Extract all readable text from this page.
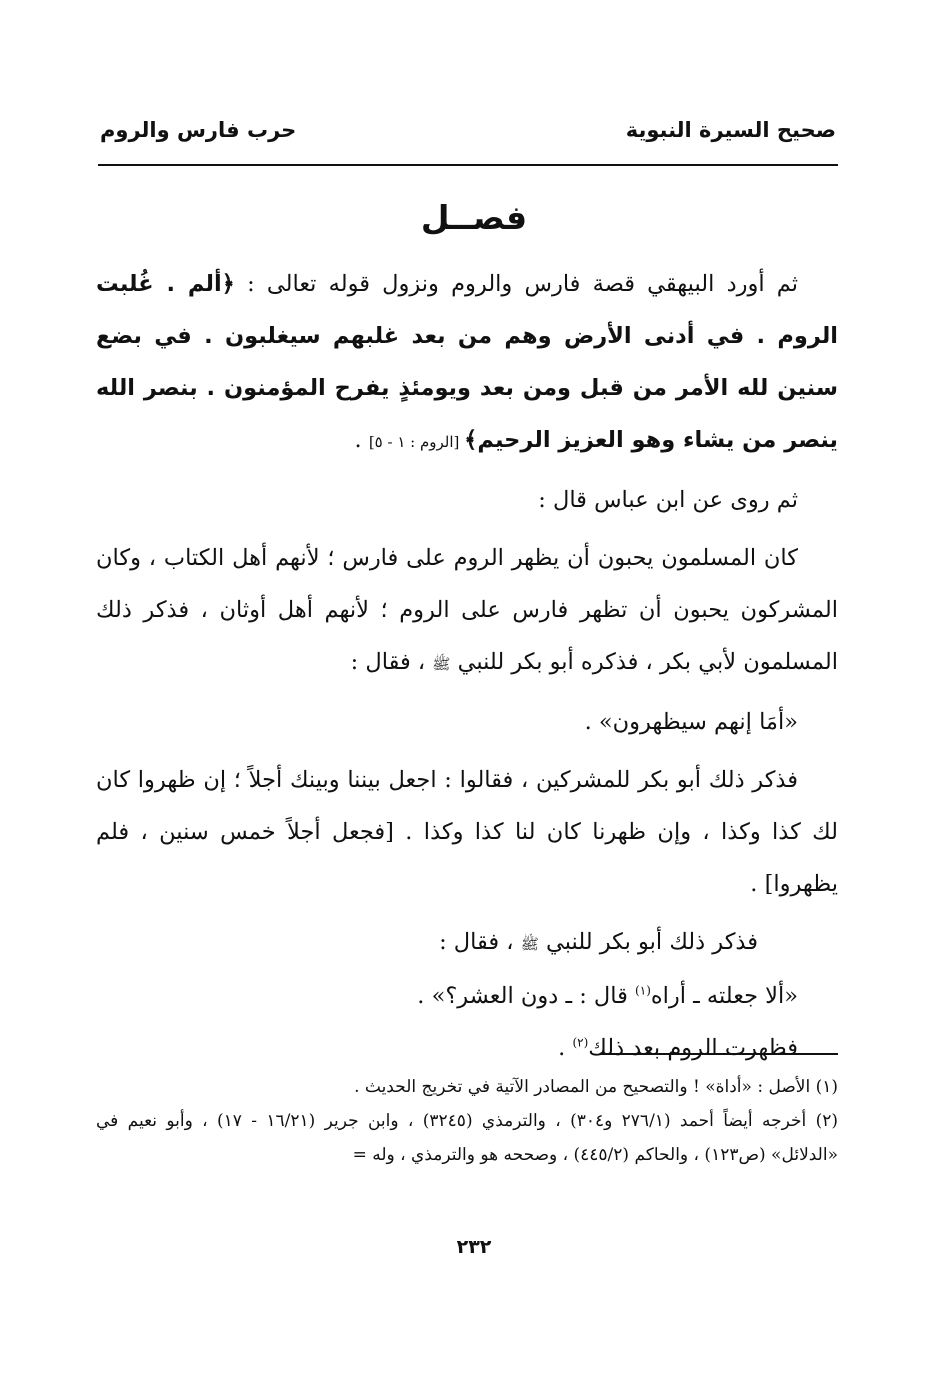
صحيح السيرة النبوية
حرب فارس والروم
فصــل

ثم أورد البيهقي قصة فارس والروم ونزول قوله تعالى : ﴿ألم . غُلبت الروم . في أدنى الأرض وهم من بعد غلبهم سيغلبون . في بضع سنين لله الأمر من قبل ومن بعد ويومئذٍ يفرح المؤمنون . بنصر الله ينصر من يشاء وهو العزيز الرحيم﴾ [الروم : ١ - ٥] .

ثم روى عن ابن عباس قال :

كان المسلمون يحبون أن يظهر الروم على فارس ؛ لأنهم أهل الكتاب ، وكان المشركون يحبون أن تظهر فارس على الروم ؛ لأنهم أهل أوثان ، فذكر ذلك المسلمون لأبي بكر ، فذكره أبو بكر للنبي ﷺ ، فقال :

«أمَا إنهم سيظهرون» .

فذكر ذلك أبو بكر للمشركين ، فقالوا : اجعل بيننا وبينك أجلاً ؛ إن ظهروا كان لك كذا وكذا ، وإن ظهرنا كان لنا كذا وكذا . [فجعل أجلاً خمس سنين ، فلم يظهروا] .

فذكر ذلك أبو بكر للنبي ﷺ ، فقال :

«ألا جعلته ـ أراه$^{(١)}$ قال : ـ دون العشر؟» .

فظهرت الروم بعد ذلك$^{(٢)}$ .

(١) الأصل : «أداة» ! والتصحيح من المصادر الآتية في تخريج الحديث .

(٢) أخرجه أيضاً أحمد (٢٧٦/١ و٣٠٤) ، والترمذي (٣٢٤٥) ، وابن جرير (١٦/٢١ - ١٧) ، وأبو نعيم في «الدلائل» (ص١٢٣) ، والحاكم (٤٤٥/٢) ، وصححه هو والترمذي ، وله =

٢٣٢
